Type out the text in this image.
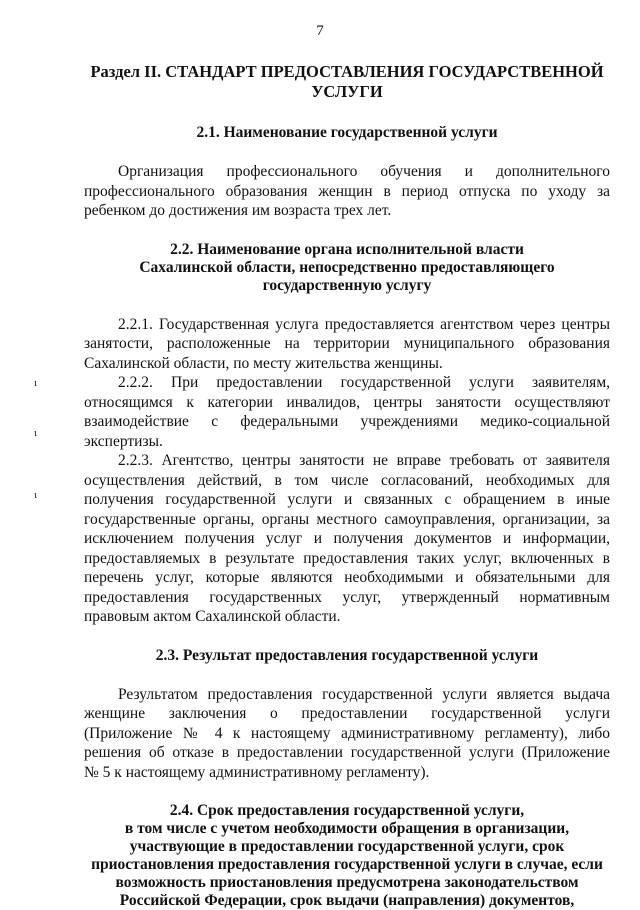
7
ı
ɩ
ɩ
Раздел II. СТАНДАРТ ПРЕДОСТАВЛЕНИЯ ГОСУДАРСТВЕННОЙ
УСЛУГИ
2.1. Наименование государственной услуги
Организация профессионального обучения и дополнительного
профессионального образования женщин в период отпуска по уходу за
ребенком до достижения им возраста трех лет.
2.2. Наименование органа исполнительной власти
Сахалинской области, непосредственно предоставляющего
государственную услугу
2.2.1. Государственная услуга предоставляется агентством через центры
занятости, расположенные на территории муниципального образования
Сахалинской области, по месту жительства женщины.
2.2.2. При предоставлении государственной услуги заявителям,
относящимся к категории инвалидов, центры занятости осуществляют
взаимодействие с федеральными учреждениями медико-социальной
экспертизы.
2.2.3. Агентство, центры занятости не вправе требовать от заявителя
осуществления действий, в том числе согласований, необходимых для
получения государственной услуги и связанных с обращением в иные
государственные органы, органы местного самоуправления, организации, за
исключением получения услуг и получения документов и информации,
предоставляемых в результате предоставления таких услуг, включенных в
перечень услуг, которые являются необходимыми и обязательными для
предоставления государственных услуг, утвержденный нормативным
правовым актом Сахалинской области.
2.3. Результат предоставления государственной услуги
Результатом предоставления государственной услуги является выдача
женщине заключения о предоставлении государственной услуги
(Приложение № 4 к настоящему административному регламенту), либо
решения об отказе в предоставлении государственной услуги (Приложение
№ 5 к настоящему административному регламенту).
2.4. Срок предоставления государственной услуги,
в том числе с учетом необходимости обращения в организации,
участвующие в предоставлении государственной услуги, срок
приостановления предоставления государственной услуги в случае, если
возможность приостановления предусмотрена законодательством
Российской Федерации, срок выдачи (направления) документов,
